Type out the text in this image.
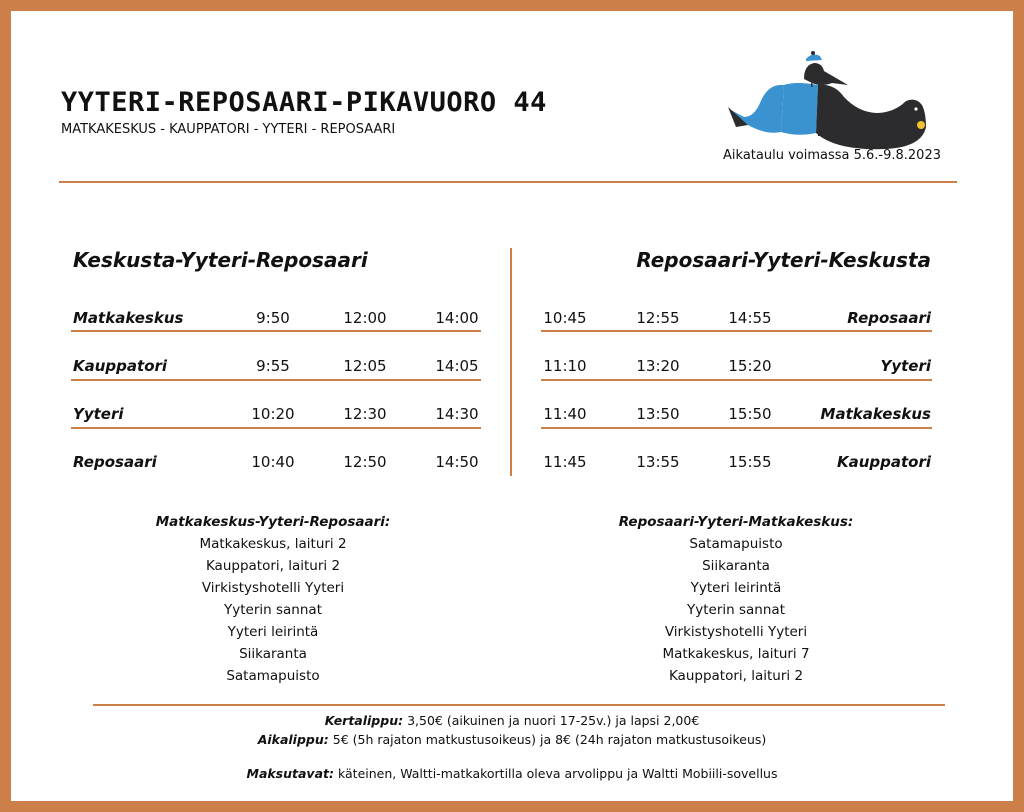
YYTERI-REPOSAARI-PIKAVUORO 44
MATKAKESKUS - KAUPPATORI - YYTERI - REPOSAARI
Aikataulu voimassa 5.6.-9.8.2023
Keskusta-Yyteri-Reposaari	Reposaari-Yyteri-Keskusta
Matkakeskus	9:50	12:00	14:00
Kauppatori	9:55	12:05	14:05
Yyteri	10:20	12:30	14:30
Reposaari	10:40	12:50	14:50
10:45	12:55	14:55	Reposaari
11:10	13:20	15:20	Yyteri
11:40	13:50	15:50	Matkakeskus
11:45	13:55	15:55	Kauppatori
Matkakeskus-Yyteri-Reposaari:
Matkakeskus, laituri 2
Kauppatori, laituri 2
Virkistyshotelli Yyteri
Yyterin sannat
Yyteri leirintä
Siikaranta
Satamapuisto
Reposaari-Yyteri-Matkakeskus:
Satamapuisto
Siikaranta
Yyteri leirintä
Yyterin sannat
Virkistyshotelli Yyteri
Matkakeskus, laituri 7
Kauppatori, laituri 2
Kertalippu: 3,50€ (aikuinen ja nuori 17-25v.) ja lapsi 2,00€
Aikalippu: 5€ (5h rajaton matkustusoikeus) ja 8€ (24h rajaton matkustusoikeus)
Maksutavat: käteinen, Waltti-matkakortilla oleva arvolippu ja Waltti Mobiili-sovellus
